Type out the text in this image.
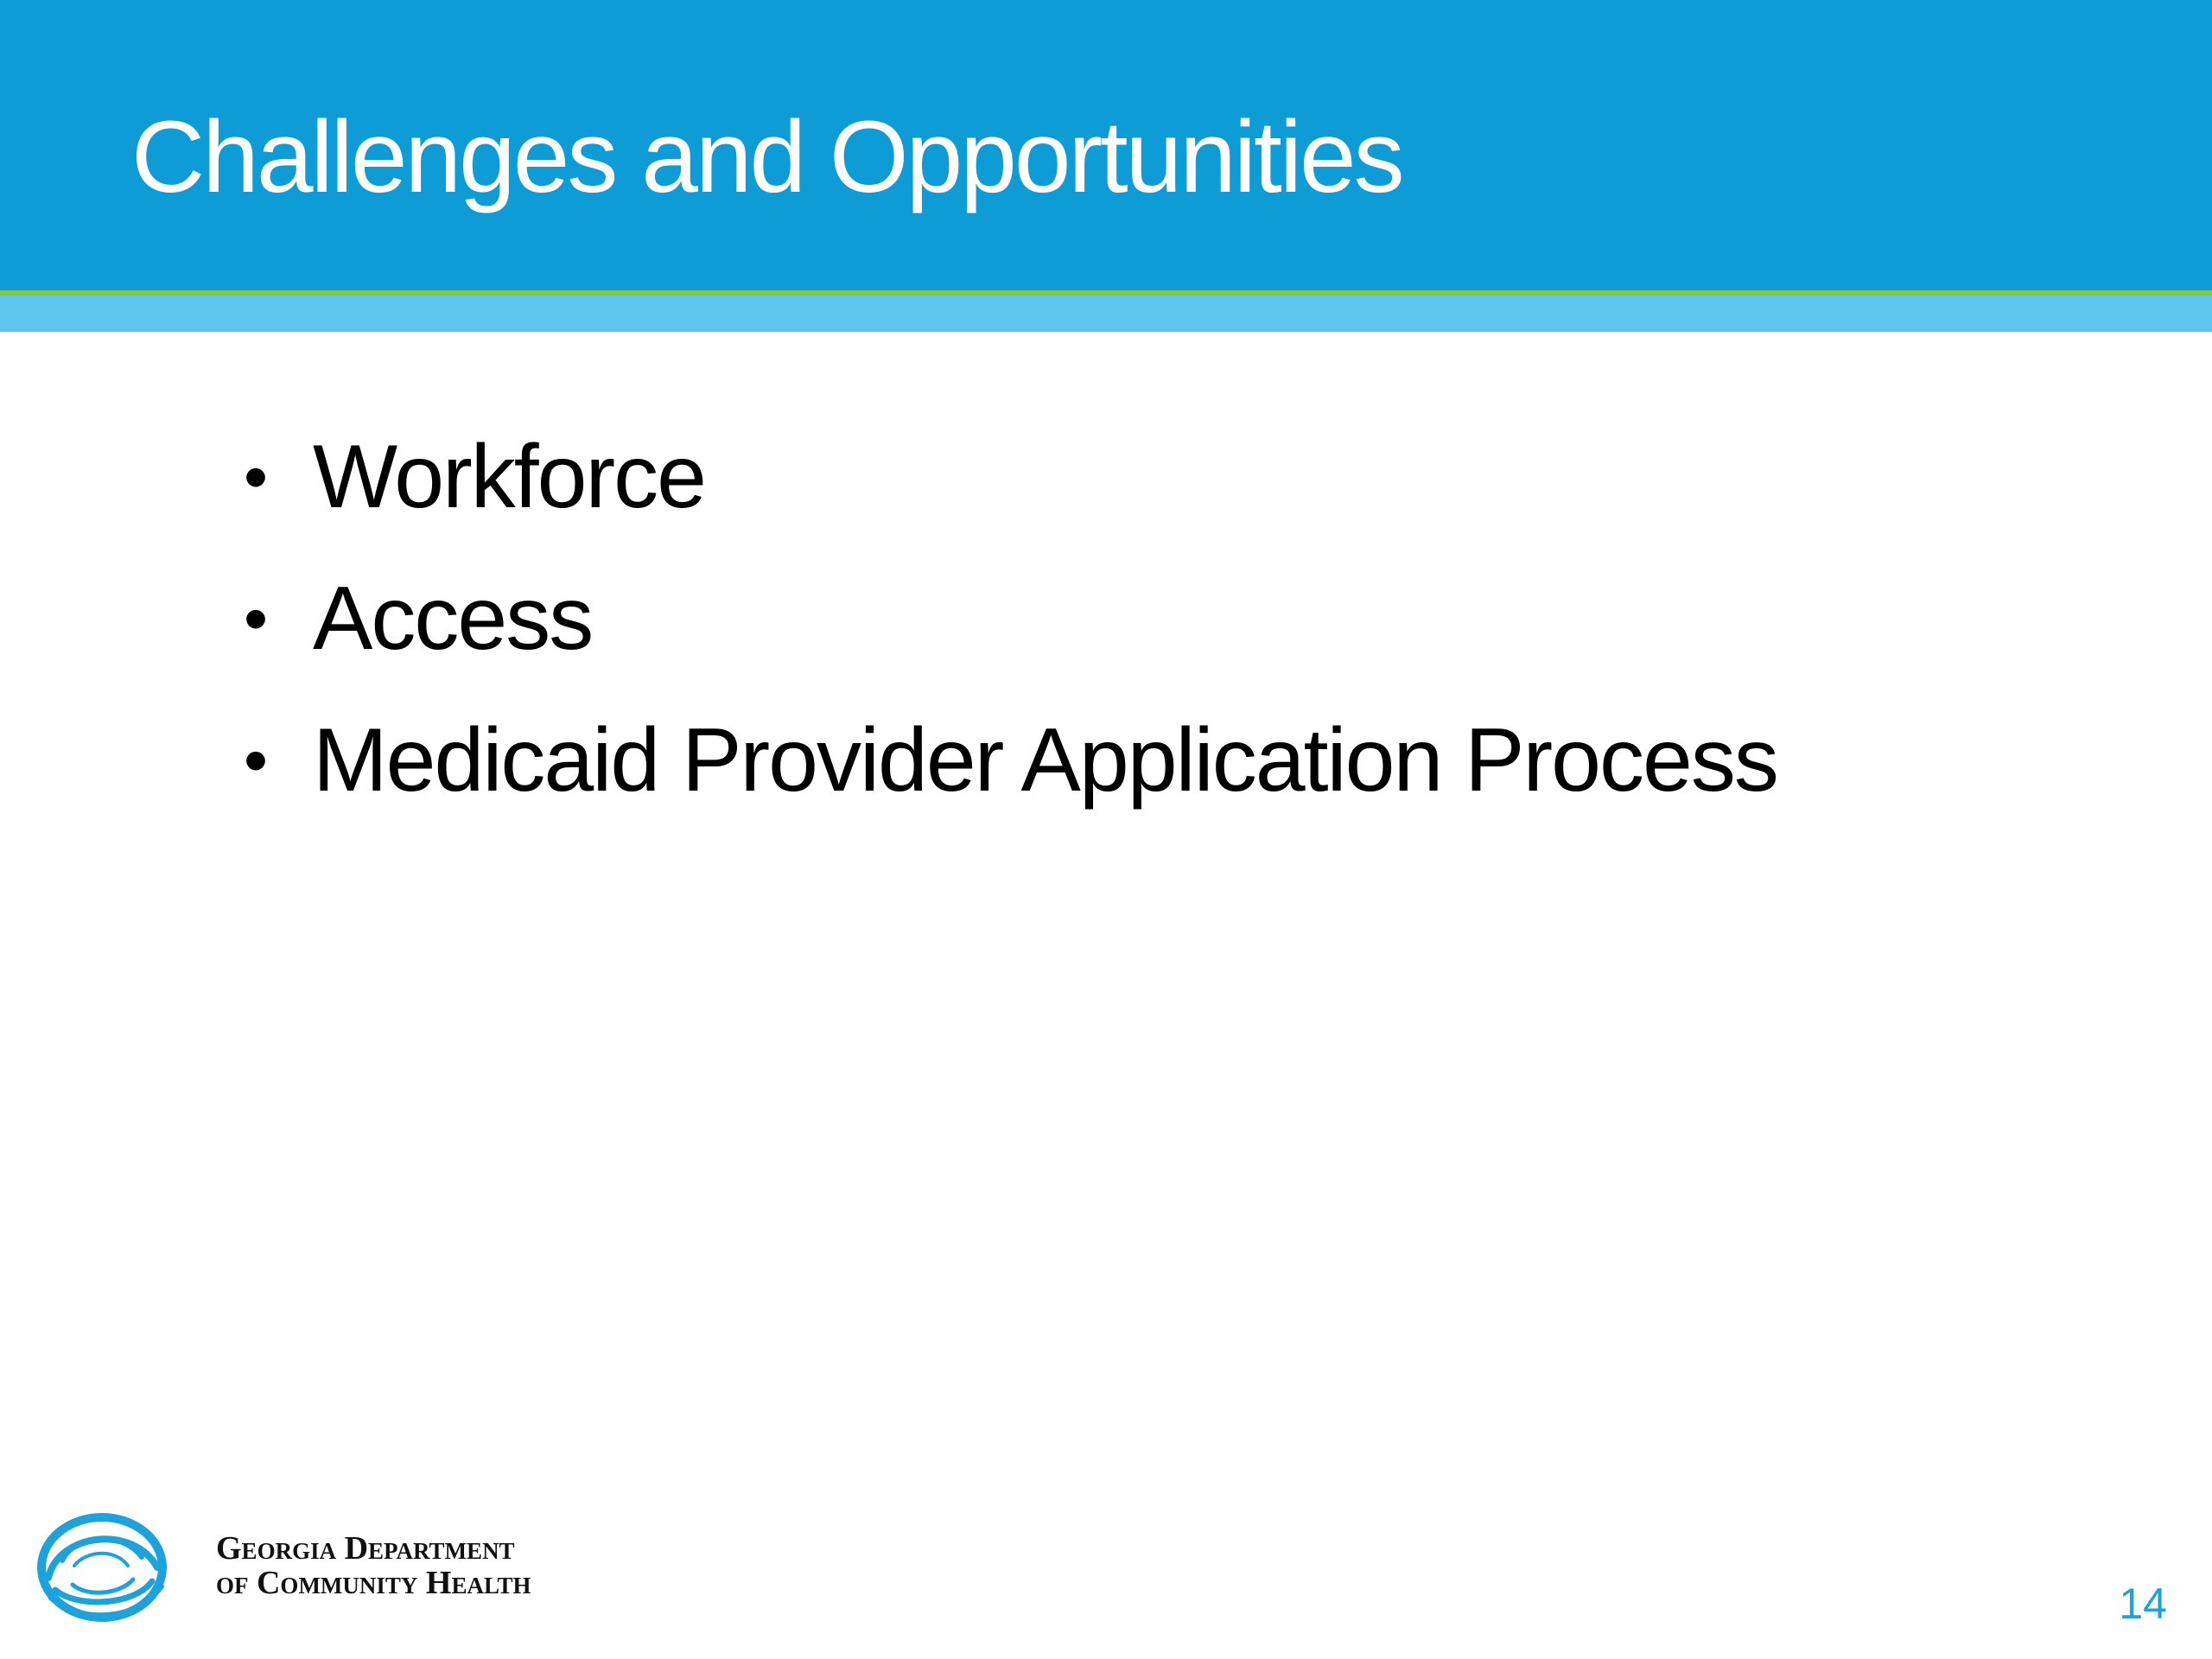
Challenges and Opportunities
• Workforce
• Access
• Medicaid Provider Application Process
Georgia Department
of Community Health	14
